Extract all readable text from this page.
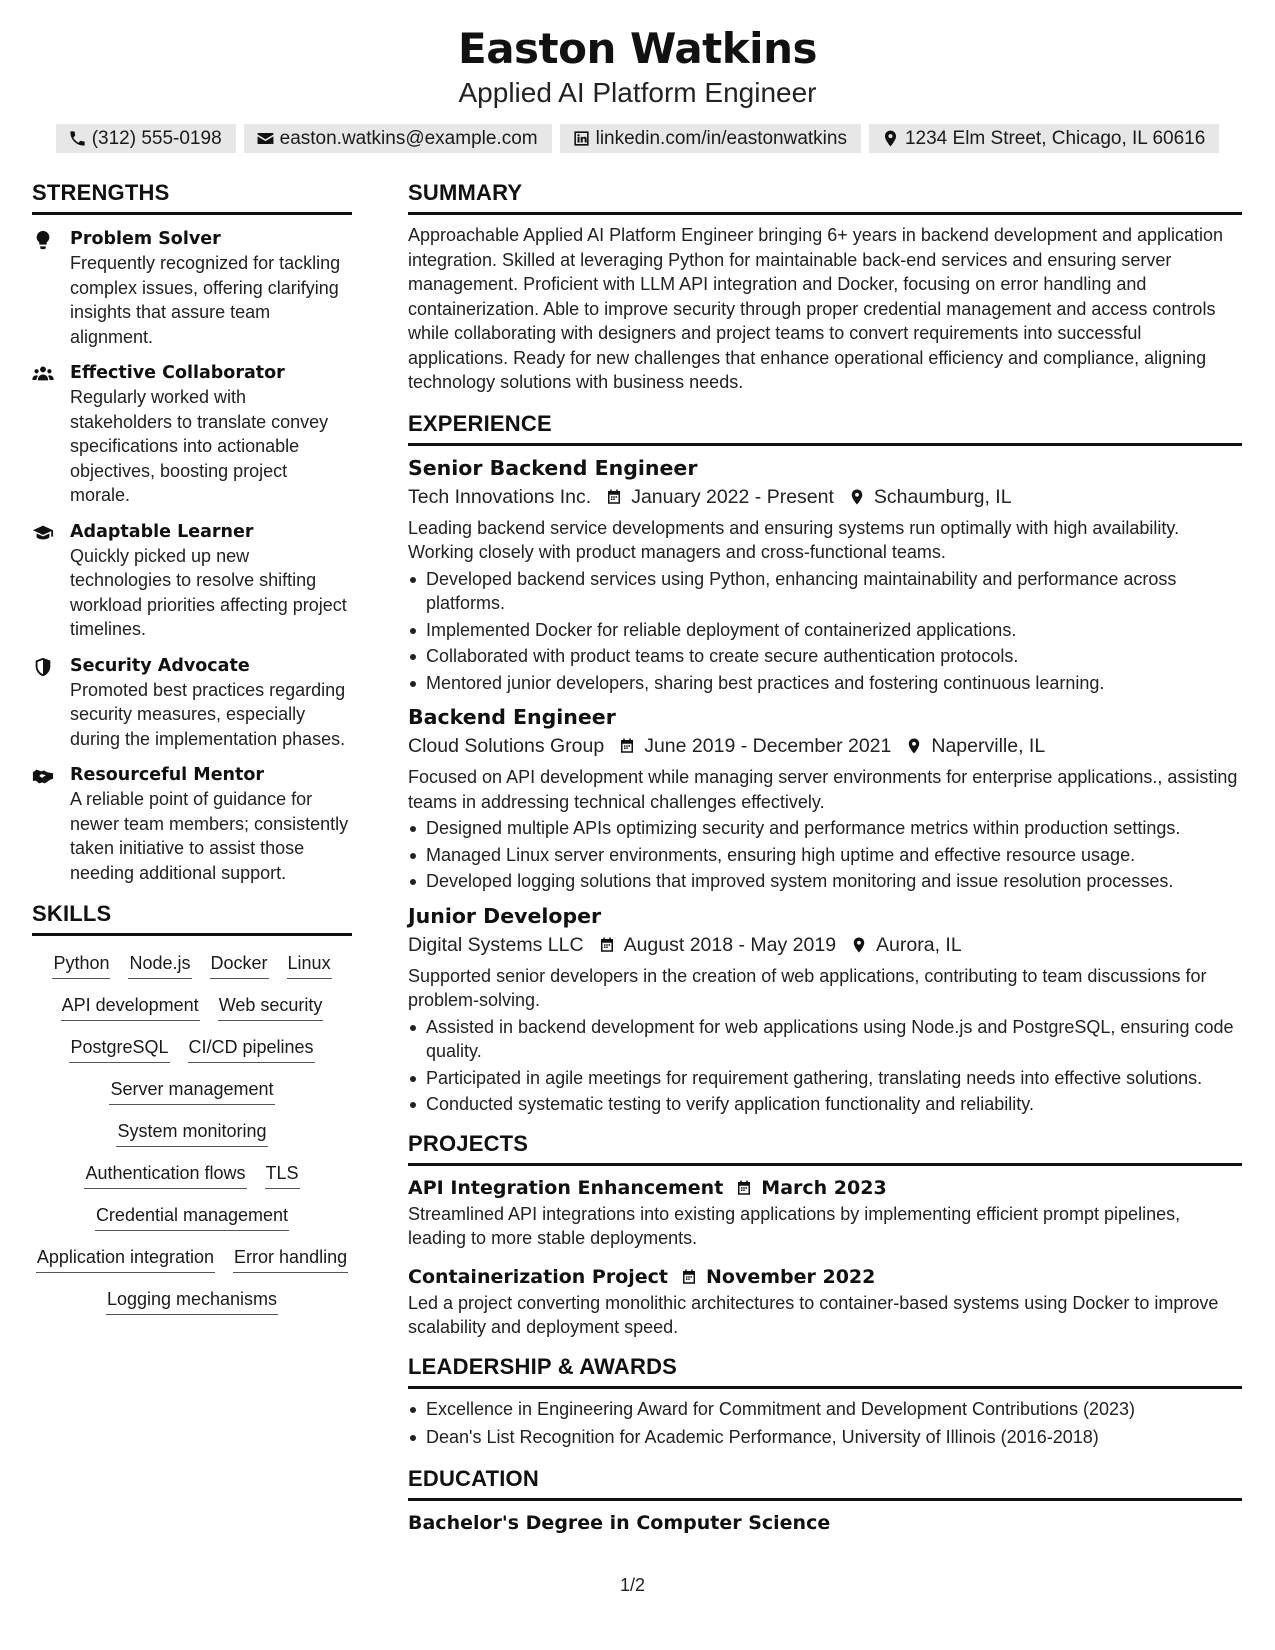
Easton Watkins
Applied AI Platform Engineer
(312) 555-0198	easton.watkins@example.com	linkedin.com/in/eastonwatkins	1234 Elm Street, Chicago, IL 60616
STRENGTHS
Problem Solver
Frequently recognized for tackling complex issues, offering clarifying insights that assure team alignment.
Effective Collaborator
Regularly worked with stakeholders to translate convey specifications into actionable objectives, boosting project morale.
Adaptable Learner
Quickly picked up new technologies to resolve shifting workload priorities affecting project timelines.
Security Advocate
Promoted best practices regarding security measures, especially during the implementation phases.
Resourceful Mentor
A reliable point of guidance for newer team members; consistently taken initiative to assist those needing additional support.
SKILLS
Python Node.js Docker Linux
API development Web security
PostgreSQL CI/CD pipelines
Server management
System monitoring
Authentication flows TLS
Credential management
Application integration Error handling
Logging mechanisms
SUMMARY
Approachable Applied AI Platform Engineer bringing 6+ years in backend development and application integration. Skilled at leveraging Python for maintainable back-end services and ensuring server management. Proficient with LLM API integration and Docker, focusing on error handling and containerization. Able to improve security through proper credential management and access controls while collaborating with designers and project teams to convert requirements into successful applications. Ready for new challenges that enhance operational efficiency and compliance, aligning technology solutions with business needs.
EXPERIENCE
Senior Backend Engineer
Tech Innovations Inc. January 2022 - Present Schaumburg, IL
Leading backend service developments and ensuring systems run optimally with high availability. Working closely with product managers and cross-functional teams.
Developed backend services using Python, enhancing maintainability and performance across platforms.
Implemented Docker for reliable deployment of containerized applications.
Collaborated with product teams to create secure authentication protocols.
Mentored junior developers, sharing best practices and fostering continuous learning.
Backend Engineer
Cloud Solutions Group June 2019 - December 2021 Naperville, IL
Focused on API development while managing server environments for enterprise applications., assisting teams in addressing technical challenges effectively.
Designed multiple APIs optimizing security and performance metrics within production settings.
Managed Linux server environments, ensuring high uptime and effective resource usage.
Developed logging solutions that improved system monitoring and issue resolution processes.
Junior Developer
Digital Systems LLC August 2018 - May 2019 Aurora, IL
Supported senior developers in the creation of web applications, contributing to team discussions for problem-solving.
Assisted in backend development for web applications using Node.js and PostgreSQL, ensuring code quality.
Participated in agile meetings for requirement gathering, translating needs into effective solutions.
Conducted systematic testing to verify application functionality and reliability.
PROJECTS
API Integration Enhancement March 2023
Streamlined API integrations into existing applications by implementing efficient prompt pipelines, leading to more stable deployments.
Containerization Project November 2022
Led a project converting monolithic architectures to container-based systems using Docker to improve scalability and deployment speed.
LEADERSHIP & AWARDS
Excellence in Engineering Award for Commitment and Development Contributions (2023)
Dean's List Recognition for Academic Performance, University of Illinois (2016-2018)
EDUCATION
Bachelor's Degree in Computer Science
1/2
